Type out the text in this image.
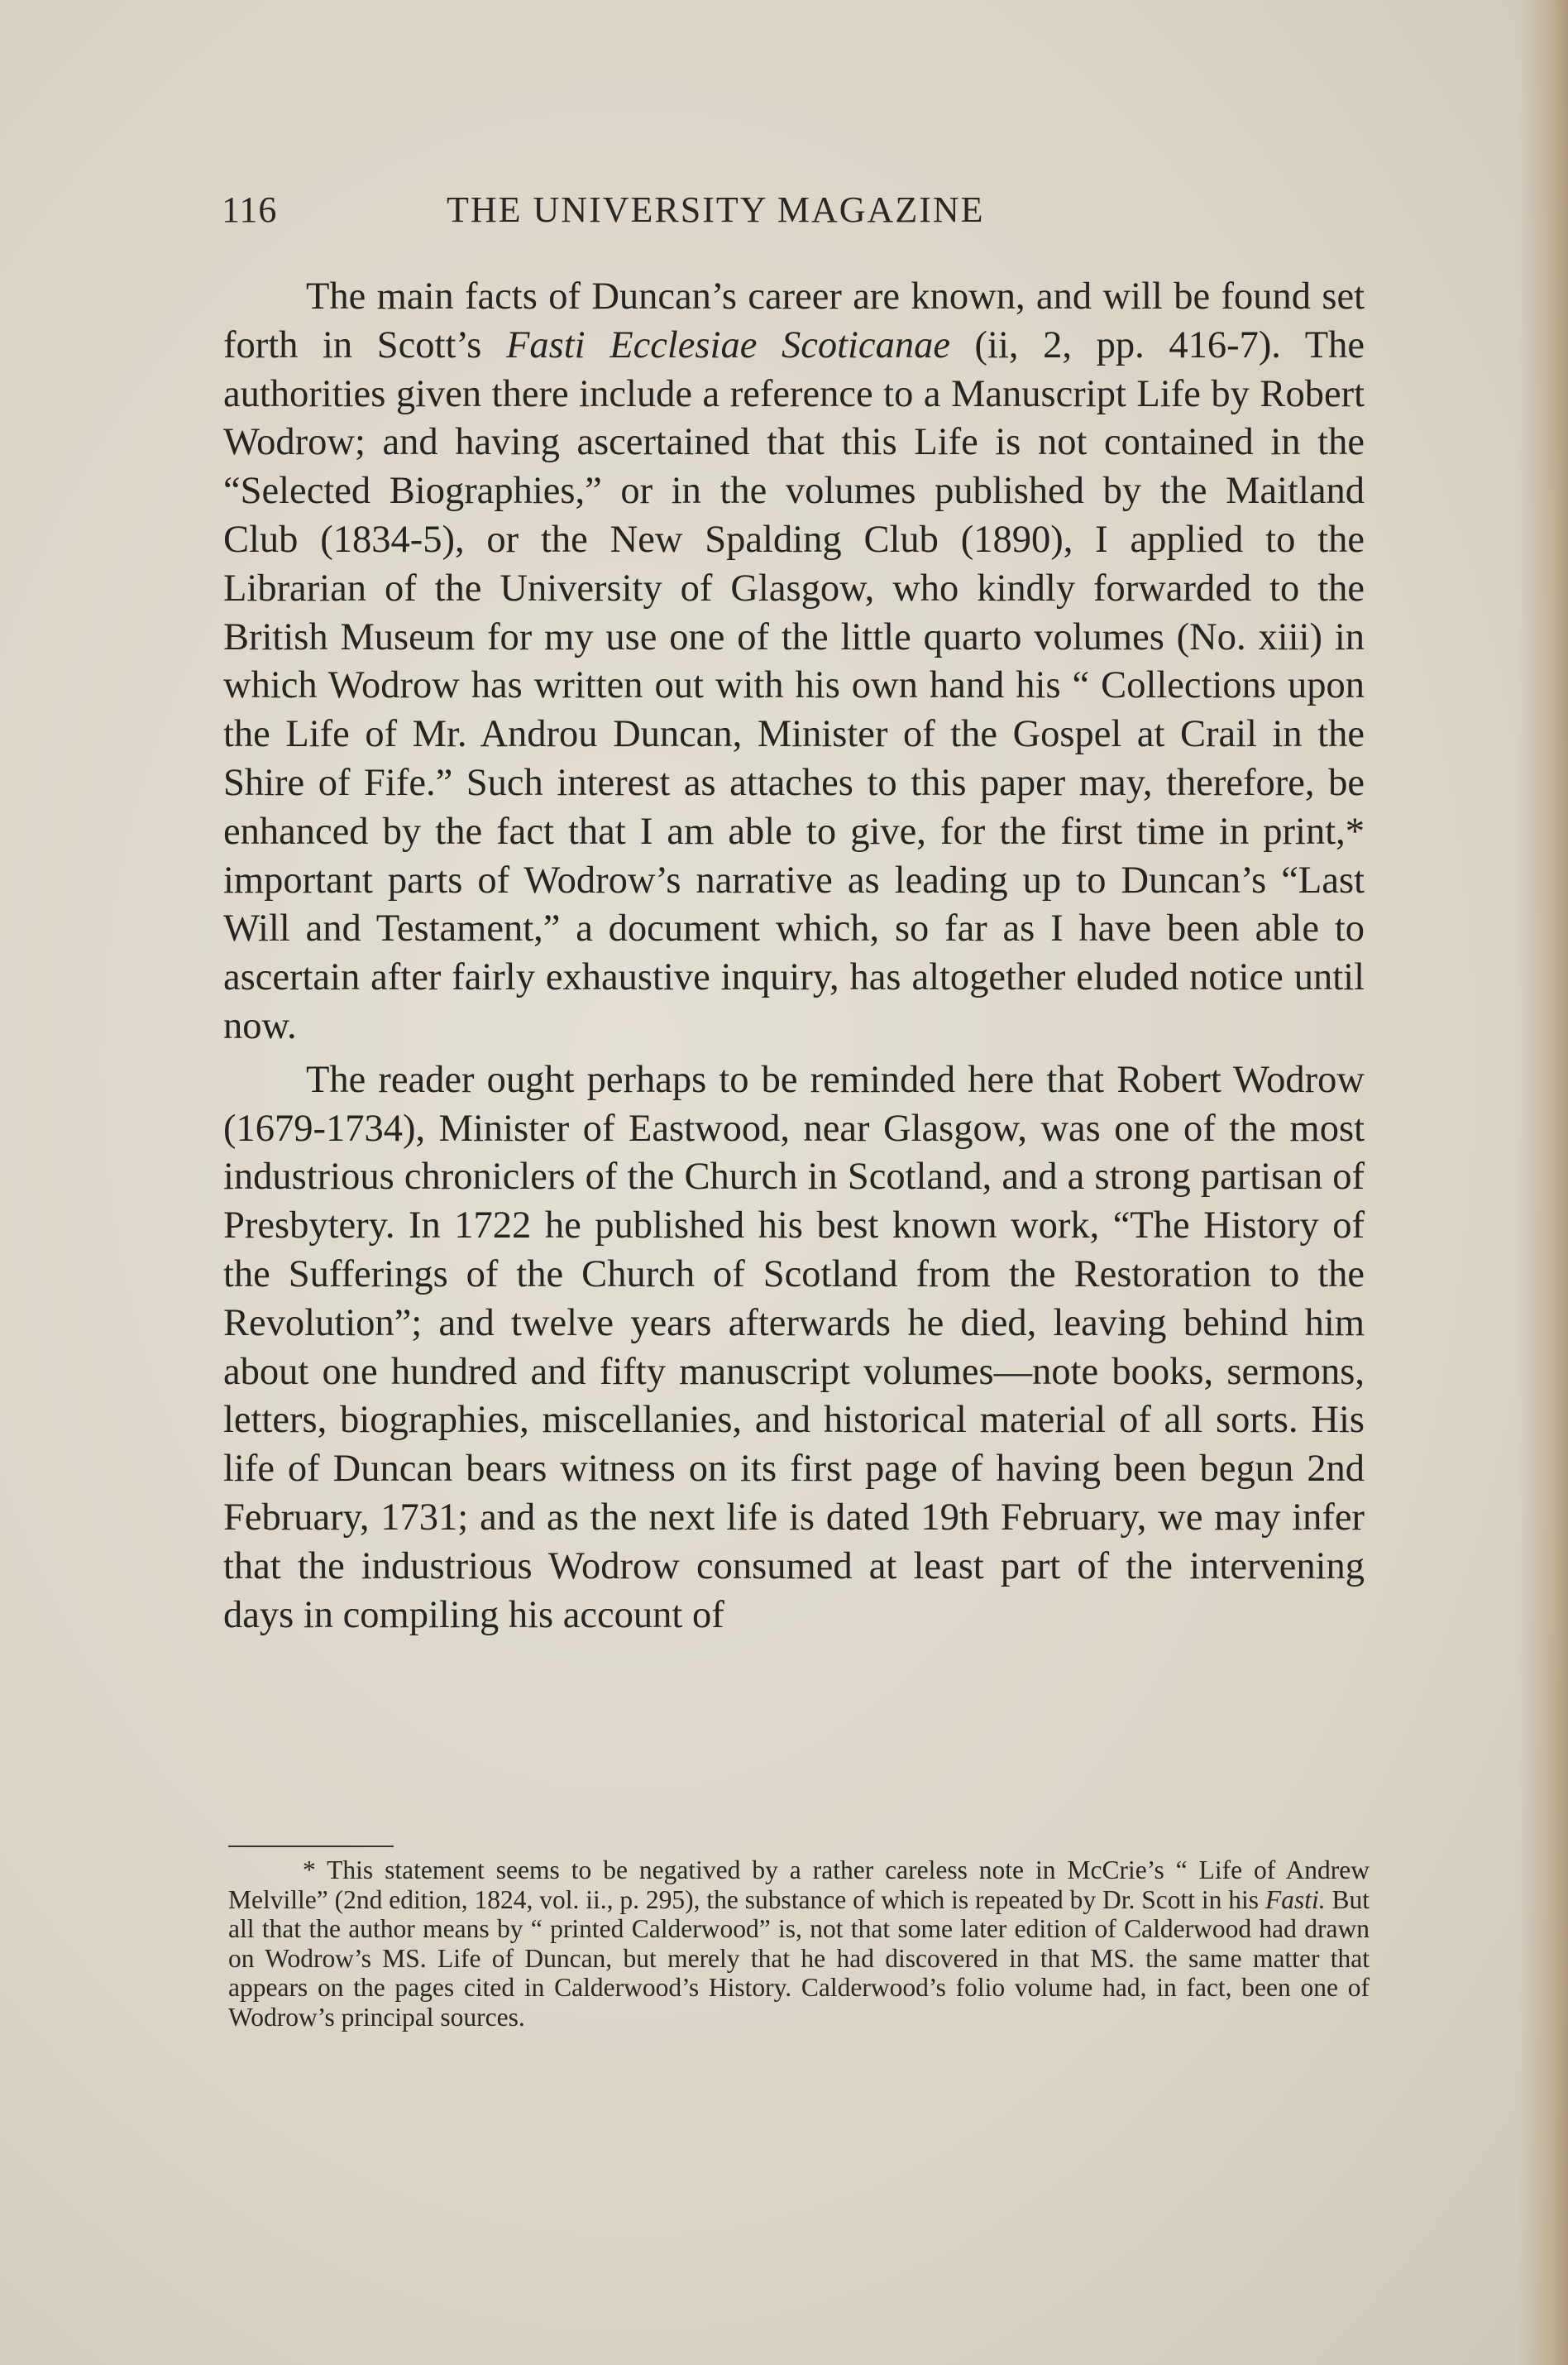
116	THE UNIVERSITY MAGAZINE

The main facts of Duncan’s career are known, and will be found set forth in Scott’s Fasti Ecclesiae Scoticanae (ii, 2, pp. 416-7). The authorities given there include a reference to a Manuscript Life by Robert Wodrow; and having ascertained that this Life is not contained in the “Selected Biographies,” or in the volumes published by the Maitland Club (1834-5), or the New Spalding Club (1890), I applied to the Librarian of the University of Glasgow, who kindly forwarded to the British Museum for my use one of the little quarto volumes (No. xiii) in which Wodrow has written out with his own hand his “ Collections upon the Life of Mr. Androu Duncan, Minister of the Gospel at Crail in the Shire of Fife.” Such interest as attaches to this paper may, therefore, be enhanced by the fact that I am able to give, for the first time in print,* important parts of Wodrow’s narrative as leading up to Duncan’s “Last Will and Testament,” a document which, so far as I have been able to ascertain after fairly exhaustive inquiry, has altogether eluded notice until now.

The reader ought perhaps to be reminded here that Robert Wodrow (1679-1734), Minister of Eastwood, near Glasgow, was one of the most industrious chroniclers of the Church in Scotland, and a strong partisan of Presbytery. In 1722 he published his best known work, “The History of the Sufferings of the Church of Scotland from the Restoration to the Revolution”; and twelve years afterwards he died, leaving behind him about one hundred and fifty manuscript volumes—note books, sermons, letters, biographies, miscellanies, and historical material of all sorts. His life of Duncan bears witness on its first page of having been begun 2nd February, 1731; and as the next life is dated 19th February, we may infer that the industrious Wodrow consumed at least part of the intervening days in compiling his account of

* This statement seems to be negatived by a rather careless note in McCrie’s “ Life of Andrew Melville” (2nd edition, 1824, vol. ii., p. 295), the substance of which is repeated by Dr. Scott in his Fasti. But all that the author means by “ printed Calderwood” is, not that some later edition of Calderwood had drawn on Wodrow’s MS. Life of Duncan, but merely that he had discovered in that MS. the same matter that appears on the pages cited in Calderwood’s History. Calderwood’s folio volume had, in fact, been one of Wodrow’s principal sources.
